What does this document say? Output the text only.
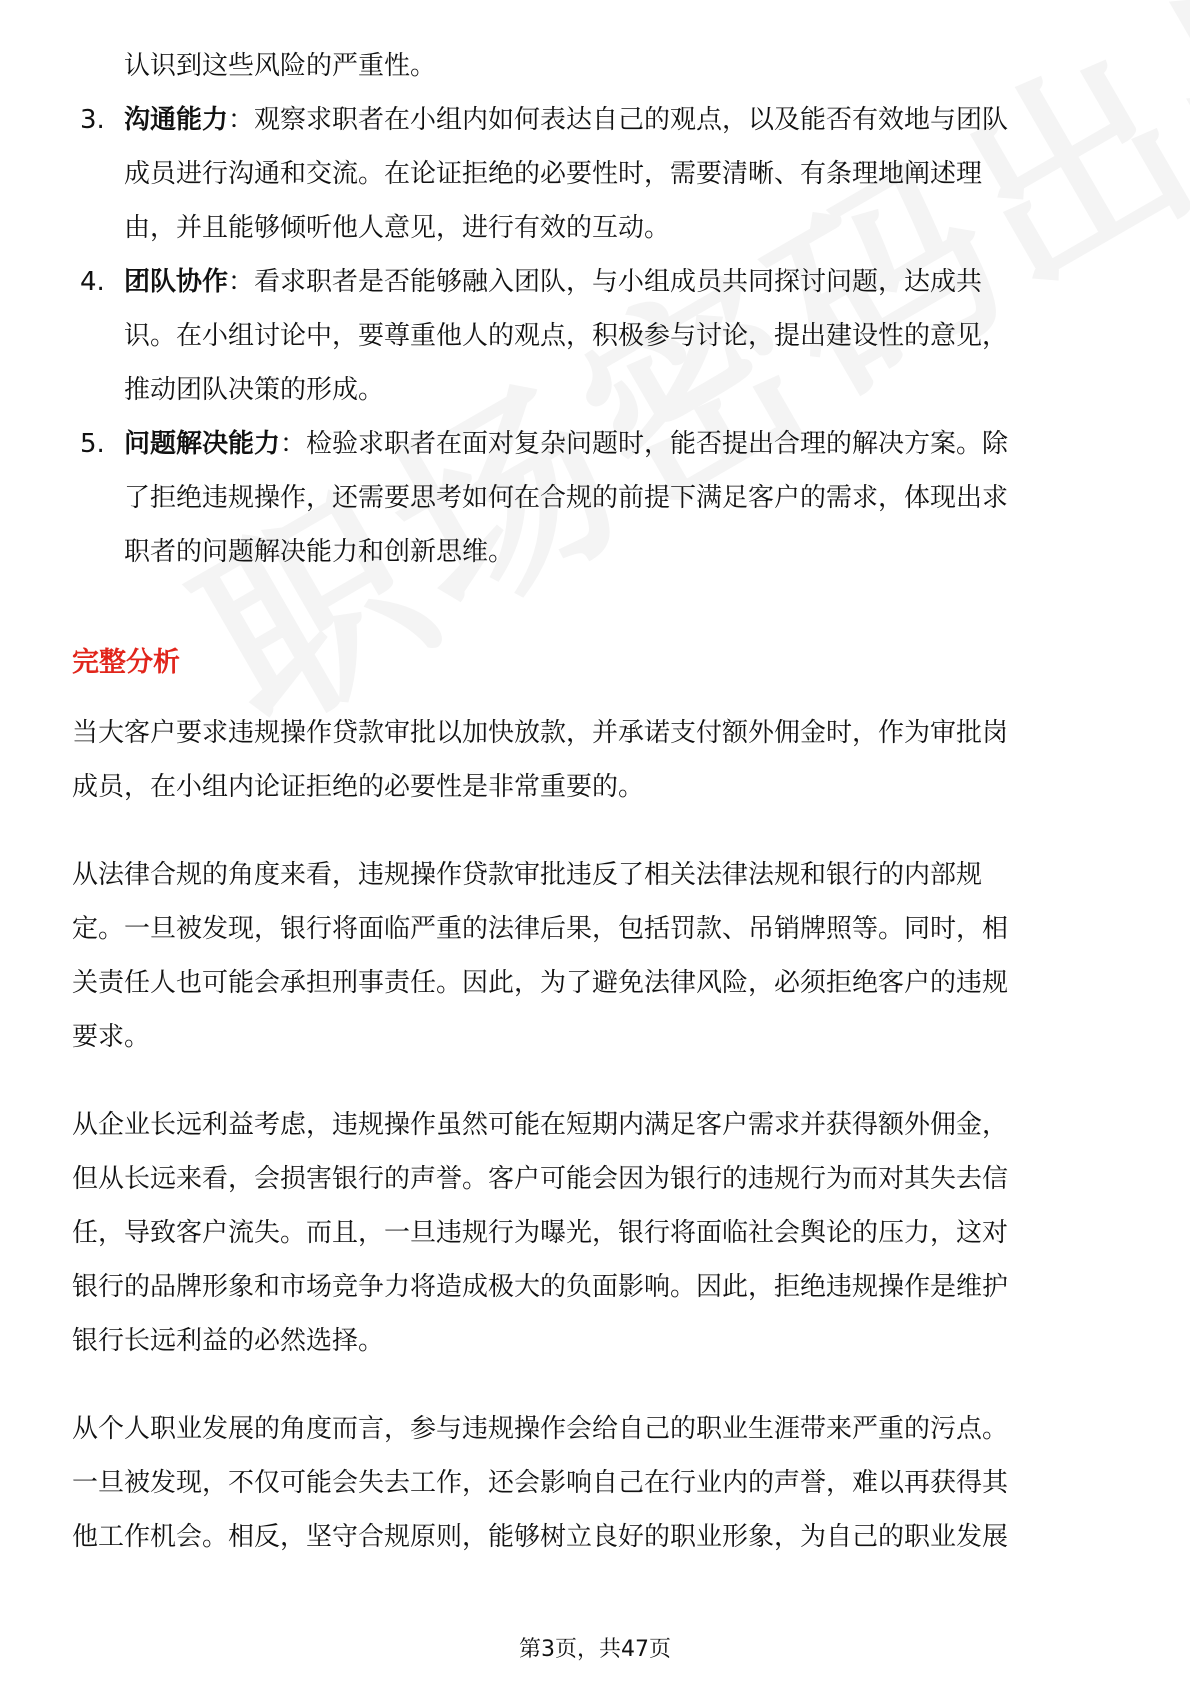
认识到这些风险的严重性。
3. 沟通能力：观察求职者在小组内如何表达自己的观点，以及能否有效地与团队
成员进行沟通和交流。在论证拒绝的必要性时，需要清晰、有条理地阐述理
由，并且能够倾听他人意见，进行有效的互动。
4. 团队协作：看求职者是否能够融入团队，与小组成员共同探讨问题，达成共
识。在小组讨论中，要尊重他人的观点，积极参与讨论，提出建设性的意见，
推动团队决策的形成。
5. 问题解决能力：检验求职者在面对复杂问题时，能否提出合理的解决方案。除
了拒绝违规操作，还需要思考如何在合规的前提下满足客户的需求，体现出求
职者的问题解决能力和创新思维。
完整分析
当大客户要求违规操作贷款审批以加快放款，并承诺支付额外佣金时，作为审批岗
成员，在小组内论证拒绝的必要性是非常重要的。
从法律合规的角度来看，违规操作贷款审批违反了相关法律法规和银行的内部规
定。一旦被发现，银行将面临严重的法律后果，包括罚款、吊销牌照等。同时，相
关责任人也可能会承担刑事责任。因此，为了避免法律风险，必须拒绝客户的违规
要求。
从企业长远利益考虑，违规操作虽然可能在短期内满足客户需求并获得额外佣金，
但从长远来看，会损害银行的声誉。客户可能会因为银行的违规行为而对其失去信
任，导致客户流失。而且，一旦违规行为曝光，银行将面临社会舆论的压力，这对
银行的品牌形象和市场竞争力将造成极大的负面影响。因此，拒绝违规操作是维护
银行长远利益的必然选择。
从个人职业发展的角度而言，参与违规操作会给自己的职业生涯带来严重的污点。
一旦被发现，不仅可能会失去工作，还会影响自己在行业内的声誉，难以再获得其
他工作机会。相反，坚守合规原则，能够树立良好的职业形象，为自己的职业发展
第3页，共47页
